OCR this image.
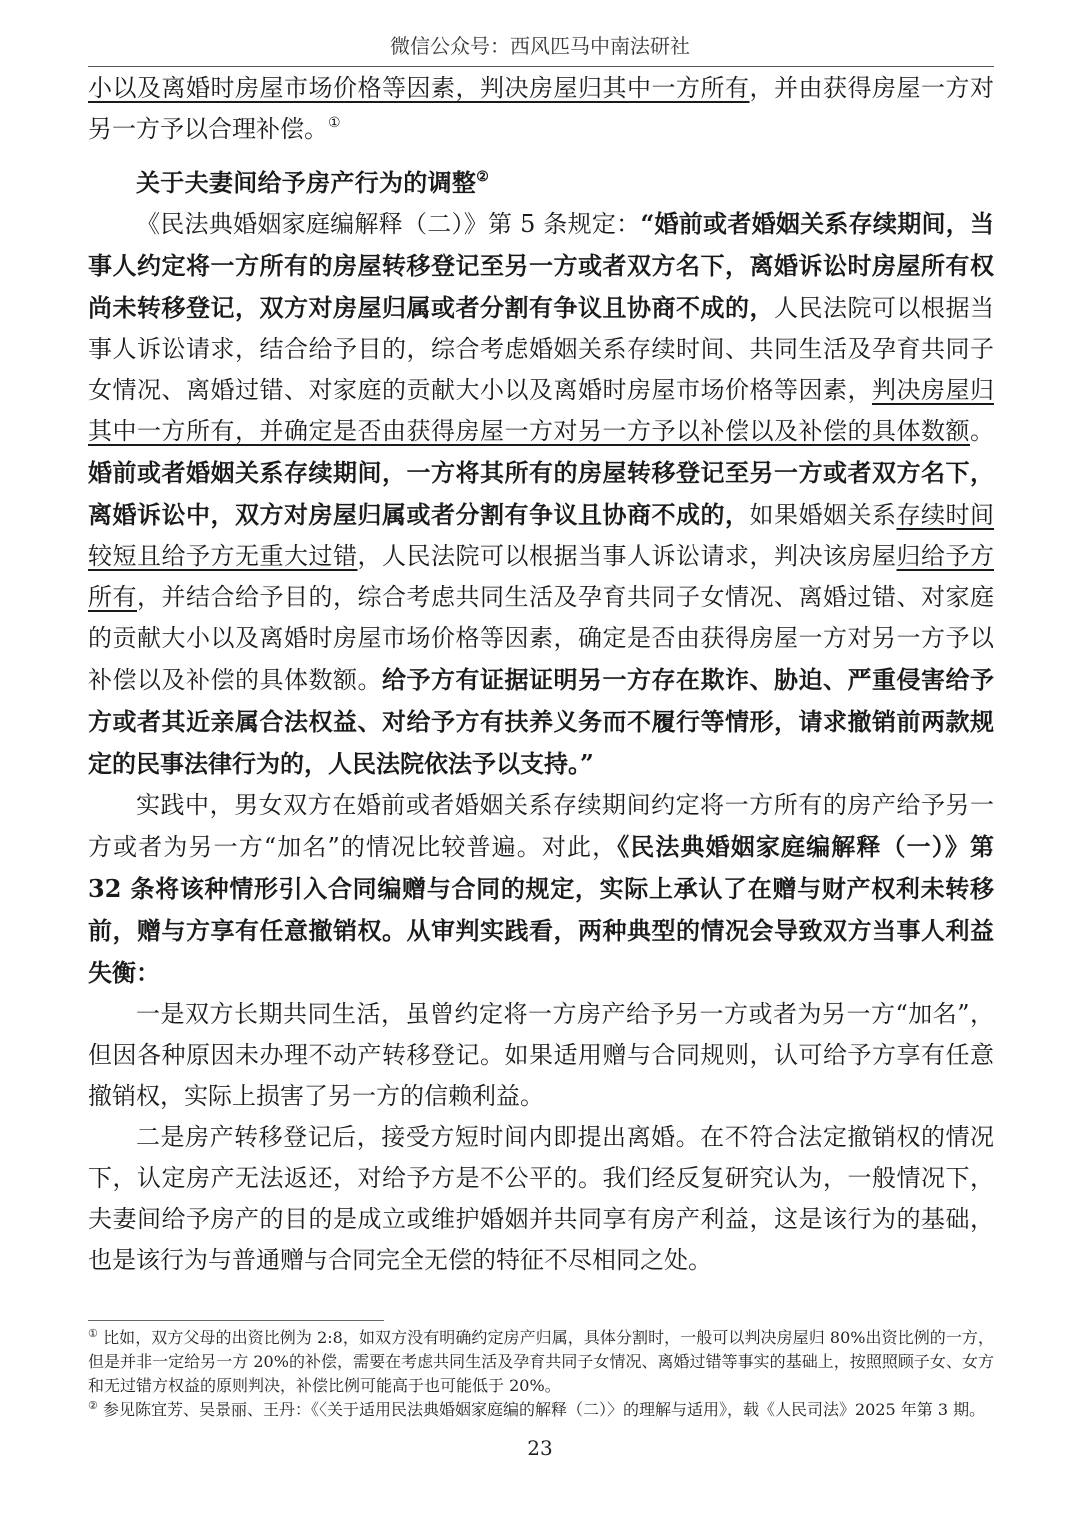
微信公众号：西风匹马中南法研社

小以及离婚时房屋市场价格等因素，判决房屋归其中一方所有，并由获得房屋一方对另一方予以合理补偿。①

关于夫妻间给予房产行为的调整②

《民法典婚姻家庭编解释（二）》第 5 条规定：“婚前或者婚姻关系存续期间，当事人约定将一方所有的房屋转移登记至另一方或者双方名下，离婚诉讼时房屋所有权尚未转移登记，双方对房屋归属或者分割有争议且协商不成的，人民法院可以根据当事人诉讼请求，结合给予目的，综合考虑婚姻关系存续时间、共同生活及孕育共同子女情况、离婚过错、对家庭的贡献大小以及离婚时房屋市场价格等因素，判决房屋归其中一方所有，并确定是否由获得房屋一方对另一方予以补偿以及补偿的具体数额。婚前或者婚姻关系存续期间，一方将其所有的房屋转移登记至另一方或者双方名下，离婚诉讼中，双方对房屋归属或者分割有争议且协商不成的，如果婚姻关系存续时间较短且给予方无重大过错，人民法院可以根据当事人诉讼请求，判决该房屋归给予方所有，并结合给予目的，综合考虑共同生活及孕育共同子女情况、离婚过错、对家庭的贡献大小以及离婚时房屋市场价格等因素，确定是否由获得房屋一方对另一方予以补偿以及补偿的具体数额。给予方有证据证明另一方存在欺诈、胁迫、严重侵害给予方或者其近亲属合法权益、对给予方有扶养义务而不履行等情形，请求撤销前两款规定的民事法律行为的，人民法院依法予以支持。”

实践中，男女双方在婚前或者婚姻关系存续期间约定将一方所有的房产给予另一方或者为另一方“加名”的情况比较普遍。对此，《民法典婚姻家庭编解释（一）》第 32 条将该种情形引入合同编赠与合同的规定，实际上承认了在赠与财产权利未转移前，赠与方享有任意撤销权。从审判实践看，两种典型的情况会导致双方当事人利益失衡：

一是双方长期共同生活，虽曾约定将一方房产给予另一方或者为另一方“加名”，但因各种原因未办理不动产转移登记。如果适用赠与合同规则，认可给予方享有任意撤销权，实际上损害了另一方的信赖利益。

二是房产转移登记后，接受方短时间内即提出离婚。在不符合法定撤销权的情况下，认定房产无法返还，对给予方是不公平的。我们经反复研究认为，一般情况下，夫妻间给予房产的目的是成立或维护婚姻并共同享有房产利益，这是该行为的基础，也是该行为与普通赠与合同完全无偿的特征不尽相同之处。

① 比如，双方父母的出资比例为 2:8，如双方没有明确约定房产归属，具体分割时，一般可以判决房屋归 80%出资比例的一方，但是并非一定给另一方 20%的补偿，需要在考虑共同生活及孕育共同子女情况、离婚过错等事实的基础上，按照照顾子女、女方和无过错方权益的原则判决，补偿比例可能高于也可能低于 20%。

② 参见陈宜芳、吴景丽、王丹：《〈关于适用民法典婚姻家庭编的解释（二）〉的理解与适用》，载《人民司法》2025 年第 3 期。

23
